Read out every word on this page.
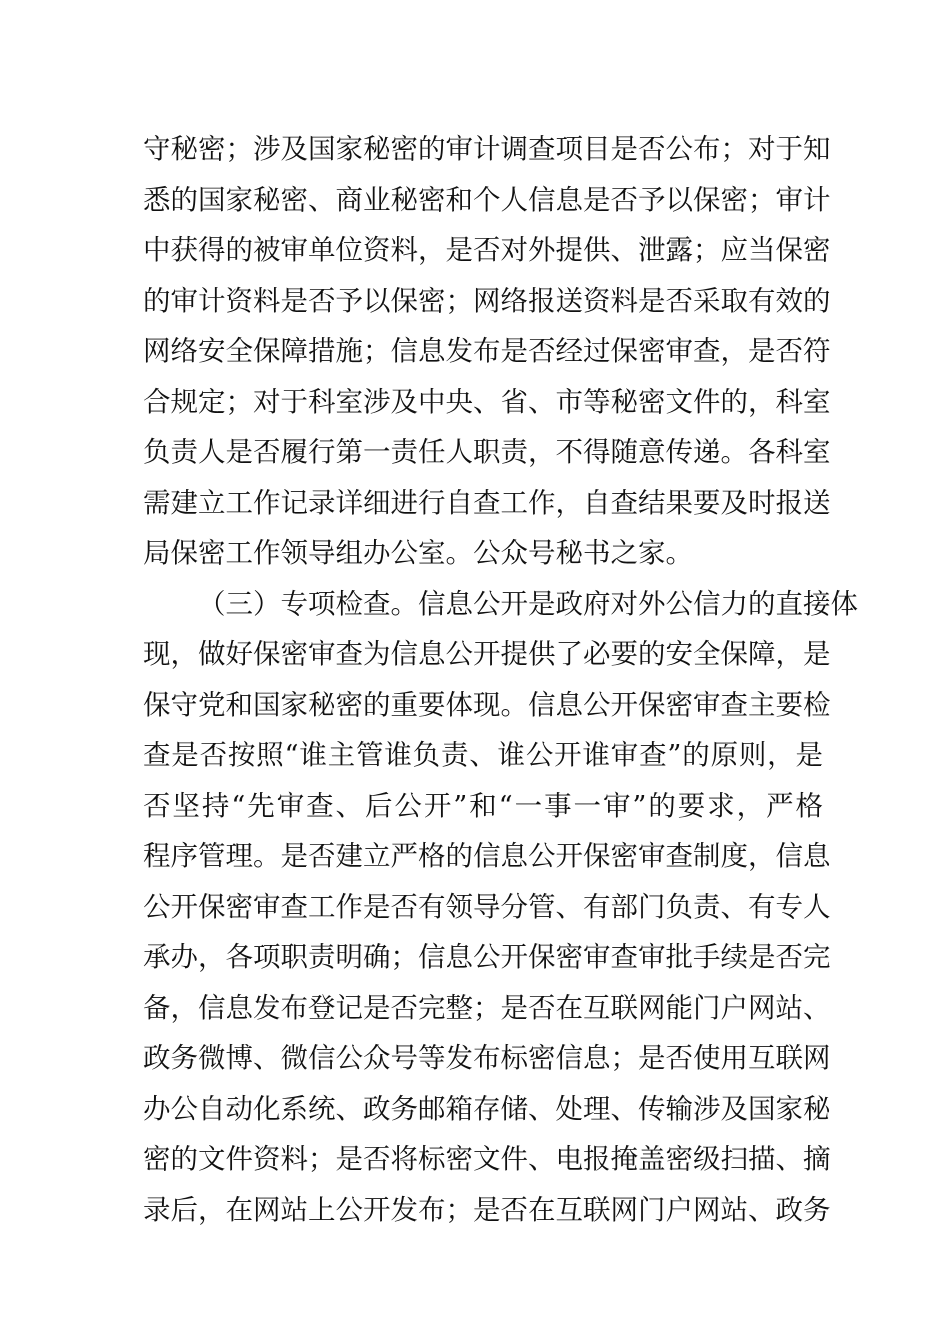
守秘密；涉及国家秘密的审计调查项目是否公布；对于知
悉的国家秘密、商业秘密和个人信息是否予以保密；审计
中获得的被审单位资料，是否对外提供、泄露；应当保密
的审计资料是否予以保密；网络报送资料是否采取有效的
网络安全保障措施；信息发布是否经过保密审查，是否符
合规定；对于科室涉及中央、省、市等秘密文件的，科室
负责人是否履行第一责任人职责，不得随意传递。各科室
需建立工作记录详细进行自查工作，自查结果要及时报送
局保密工作领导组办公室。公众号秘书之家。
（三）专项检查。信息公开是政府对外公信力的直接体
现，做好保密审查为信息公开提供了必要的安全保障，是
保守党和国家秘密的重要体现。信息公开保密审查主要检
查是否按照“谁主管谁负责、谁公开谁审查”的原则，是
否坚持“先审查、后公开”和“一事一审”的要求，严格
程序管理。是否建立严格的信息公开保密审查制度，信息
公开保密审查工作是否有领导分管、有部门负责、有专人
承办，各项职责明确；信息公开保密审查审批手续是否完
备，信息发布登记是否完整；是否在互联网能门户网站、
政务微博、微信公众号等发布标密信息；是否使用互联网
办公自动化系统、政务邮箱存储、处理、传输涉及国家秘
密的文件资料；是否将标密文件、电报掩盖密级扫描、摘
录后，在网站上公开发布；是否在互联网门户网站、政务
